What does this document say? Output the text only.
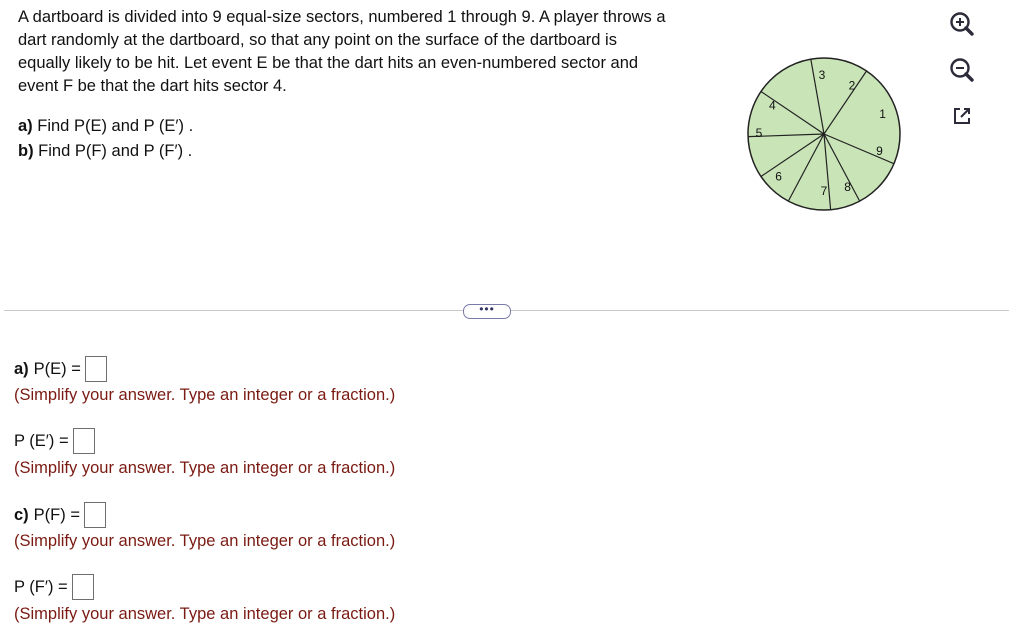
A dartboard is divided into 9 equal-size sectors, numbered 1 through 9. A player throws a dart randomly at the dartboard, so that any point on the surface of the dartboard is equally likely to be hit. Let event E be that the dart hits an even-numbered sector and event F be that the dart hits sector 4.

a) Find P(E) and P (E′) .
b) Find P(F) and P (F′) .
1
2
3
4
5
6
7 8
9
•••
a) P(E) =
(Simplify your answer. Type an integer or a fraction.)
P (E′) =
(Simplify your answer. Type an integer or a fraction.)
c) P(F) =
(Simplify your answer. Type an integer or a fraction.)
P (F′) =
(Simplify your answer. Type an integer or a fraction.)
